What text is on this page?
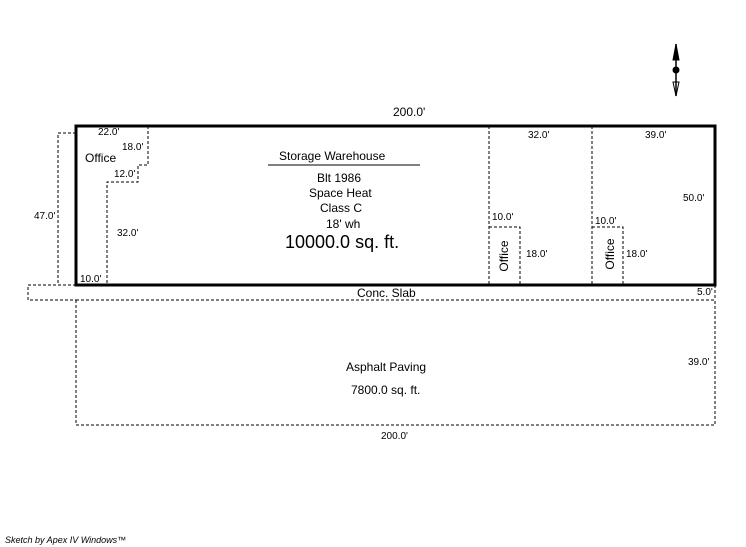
200.0'
47.0'
22.0'
Office
18.0'
12.0'
32.0'
10.0'
Storage Warehouse
Blt 1986
Space Heat
Class C
18' wh
10000.0 sq. ft.
32.0'	39.0'
50.0'
10.0'
Office 18.0'
10.0'
Office 18.0'
Conc. Slab	5.0'
Asphalt Paving
7800.0 sq. ft.
39.0'
200.0'
Sketch by Apex IV Windows™
